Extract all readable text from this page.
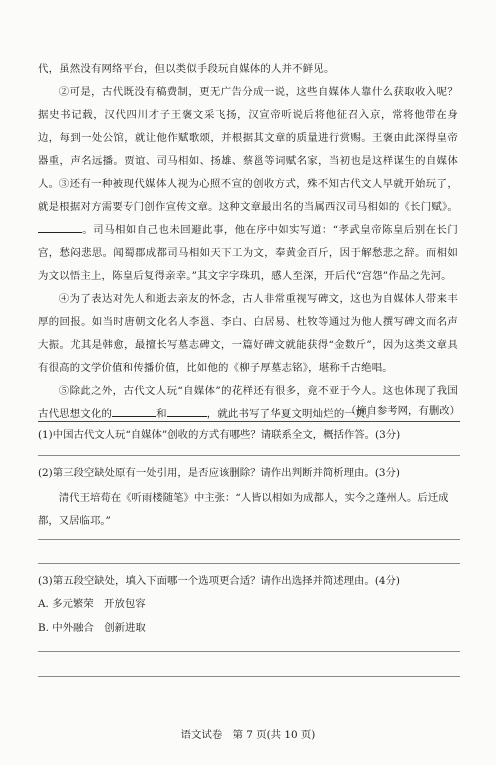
代，虽然没有网络平台，但以类似手段玩自媒体的人并不鲜见。

②可是，古代既没有稿费制，更无广告分成一说，这些自媒体人靠什么获取收入呢？据史书记载，汉代四川才子王褒文采飞扬，汉宣帝听说后将他征召入京，常将他带在身边，每到一处公馆，就让他作赋歌颂，并根据其文章的质量进行赏赐。王褒由此深得皇帝器重，声名远播。贾谊、司马相如、扬雄、蔡邕等词赋名家，当初也是这样谋生的自媒体人。 ③还有一种被现代媒体人视为心照不宣的创收方式，殊不知古代文人早就开始玩了，就是根据对方需要专门创作宣传文章。这种文章最出名的当属西汉司马相如的《长门赋》。。司马相如自己也未回避此事，他在序中如实写道：“孝武皇帝陈皇后别在长门宫，愁闷悲思。闻蜀郡成都司马相如天下工为文，奉黄金百斤，因于解愁悲之辞。而相如为文以悟主上，陈皇后复得亲幸。”其文字字珠玑，感人至深，开后代“宫怨”作品之先河。

④为了表达对先人和逝去亲友的怀念，古人非常重视写碑文，这也为自媒体人带来丰厚的回报。如当时唐朝文化名人李邕、李白、白居易、杜牧等通过为他人撰写碑文而名声大振。尤其是韩愈，最擅长写墓志碑文，一篇好碑文就能获得“金数斤”，因为这类文章具有很高的文学价值和传播价值，比如他的《柳子厚墓志铭》，堪称千古绝唱。

⑤除此之外，古代文人玩“自媒体”的花样还有很多，竟不亚于今人。这也体现了我国古代思想文化的	和	，就此书写了华夏文明灿烂的一页。

（摘自参考网，有删改）

(1)中国古代文人玩“自媒体”创收的方式有哪些？请联系全文，概括作答。(3分)

(2)第三段空缺处原有一处引用，是否应该删除？请作出判断并简析理由。(3分)

清代王培荀在《听雨楼随笔》中主张：“人皆以相如为成都人，实今之蓬州人。后迁成都，又居临邛。”

(3)第五段空缺处，填入下面哪一个选项更合适？请作出选择并简述理由。(4分)

A. 多元繁荣　开放包容

B. 中外融合　创新进取

语文试卷　第 7 页(共 10 页)
